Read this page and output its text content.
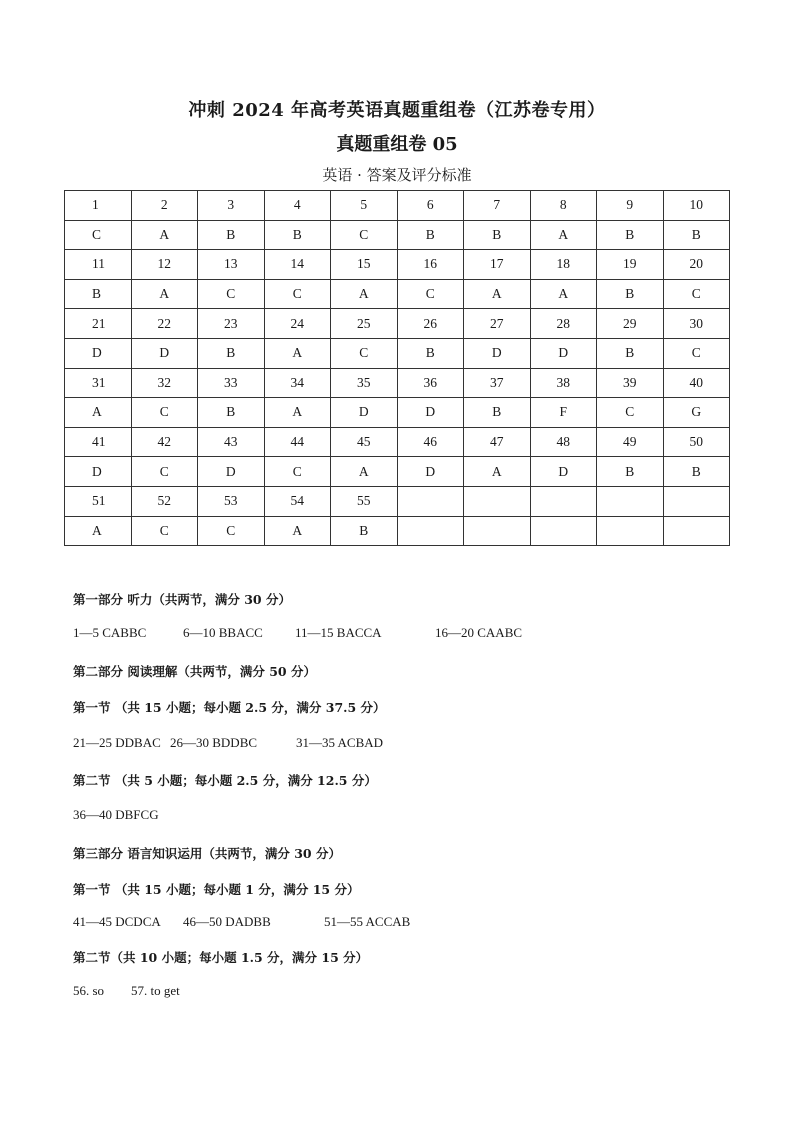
冲刺 2024 年高考英语真题重组卷（江苏卷专用）
真题重组卷 05
英语 · 答案及评分标准
1	2	3	4	5	6	7	8	9	10
C	A	B	B	C	B	B	A	B	B
11	12	13	14	15	16	17	18	19	20
B	A	C	C	A	C	A	A	B	C
21	22	23	24	25	26	27	28	29	30
D	D	B	A	C	B	D	D	B	C
31	32	33	34	35	36	37	38	39	40
A	C	B	A	D	D	B	F	C	G
41	42	43	44	45	46	47	48	49	50
D	C	D	C	A	D	A	D	B	B
51	52	53	54	55					
A	C	C	A	B					
第一部分 听力（共两节，满分 30 分）
1—5 CABBC	6—10 BBACC 11—15 BACCA	16—20 CAABC
第二部分 阅读理解（共两节，满分 50 分）
第一节 （共 15 小题；每小题 2.5 分，满分 37.5 分）
21—25 DDBAC 26—30 BDDBC	31—35 ACBAD
第二节 （共 5 小题；每小题 2.5 分，满分 12.5 分）
36—40 DBFCG
第三部分 语言知识运用（共两节，满分 30 分）
第一节 （共 15 小题；每小题 1 分，满分 15 分）
41—45 DCDCA 46—50 DADBB	51—55 ACCAB
第二节（共 10 小题；每小题 1.5 分，满分 15 分）
56. so 57. to get
